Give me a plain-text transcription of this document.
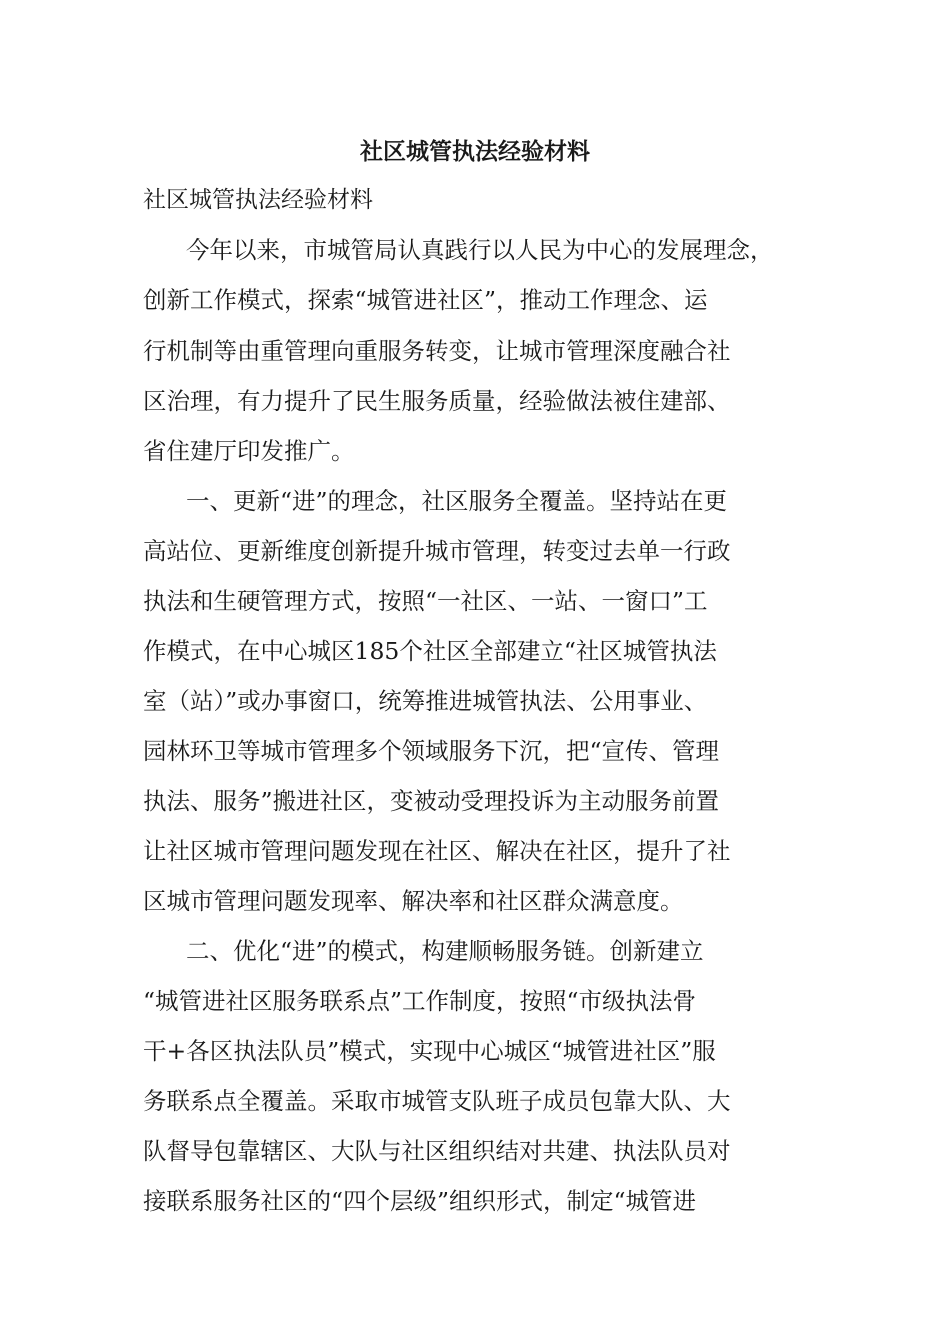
社区城管执法经验材料

社区城管执法经验材料

今年以来，市城管局认真践行以人民为中心的发展理念，

创新工作模式，探索“城管进社区”，推动工作理念、运

行机制等由重管理向重服务转变，让城市管理深度融合社

区治理，有力提升了民生服务质量，经验做法被住建部、

省住建厅印发推广。

一、更新“进”的理念，社区服务全覆盖。坚持站在更

高站位、更新维度创新提升城市管理，转变过去单一行政

执法和生硬管理方式，按照“一社区、一站、一窗口”工

作模式，在中心城区185个社区全部建立“社区城管执法

室（站）”或办事窗口，统筹推进城管执法、公用事业、

园林环卫等城市管理多个领域服务下沉，把“宣传、管理

执法、服务”搬进社区，变被动受理投诉为主动服务前置

让社区城市管理问题发现在社区、解决在社区，提升了社

区城市管理问题发现率、解决率和社区群众满意度。

二、优化“进”的模式，构建顺畅服务链。创新建立

“城管进社区服务联系点”工作制度，按照“市级执法骨

干+各区执法队员”模式，实现中心城区“城管进社区”服

务联系点全覆盖。采取市城管支队班子成员包靠大队、大

队督导包靠辖区、大队与社区组织结对共建、执法队员对

接联系服务社区的“四个层级”组织形式，制定“城管进
